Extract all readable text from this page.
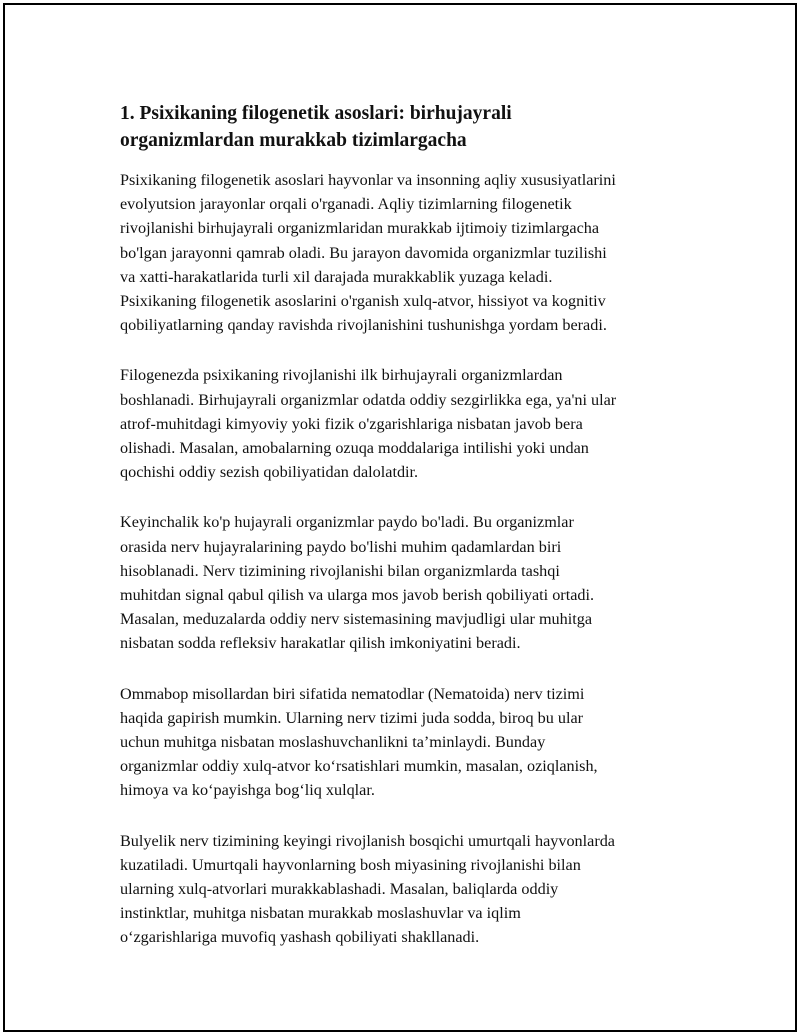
1. Psixikaning filogenetik asoslari: birhujayrali
organizmlardan murakkab tizimlargacha

Psixikaning filogenetik asoslari hayvonlar va insonning aqliy xususiyatlarini
evolyutsion jarayonlar orqali o'rganadi. Aqliy tizimlarning filogenetik
rivojlanishi birhujayrali organizmlaridan murakkab ijtimoiy tizimlargacha
bo'lgan jarayonni qamrab oladi. Bu jarayon davomida organizmlar tuzilishi
va xatti-harakatlarida turli xil darajada murakkablik yuzaga keladi.
Psixikaning filogenetik asoslarini o'rganish xulq-atvor, hissiyot va kognitiv
qobiliyatlarning qanday ravishda rivojlanishini tushunishga yordam beradi.

Filogenezda psixikaning rivojlanishi ilk birhujayrali organizmlardan
boshlanadi. Birhujayrali organizmlar odatda oddiy sezgirlikka ega, ya'ni ular
atrof-muhitdagi kimyoviy yoki fizik o'zgarishlariga nisbatan javob bera
olishadi. Masalan, amobalarning ozuqa moddalariga intilishi yoki undan
qochishi oddiy sezish qobiliyatidan dalolatdir.

Keyinchalik ko'p hujayrali organizmlar paydo bo'ladi. Bu organizmlar
orasida nerv hujayralarining paydo bo'lishi muhim qadamlardan biri
hisoblanadi. Nerv tizimining rivojlanishi bilan organizmlarda tashqi
muhitdan signal qabul qilish va ularga mos javob berish qobiliyati ortadi.
Masalan, meduzalarda oddiy nerv sistemasining mavjudligi ular muhitga
nisbatan sodda refleksiv harakatlar qilish imkoniyatini beradi.

Ommabop misollardan biri sifatida nematodlar (Nematoida) nerv tizimi
haqida gapirish mumkin. Ularning nerv tizimi juda sodda, biroq bu ular
uchun muhitga nisbatan moslashuvchanlikni ta’minlaydi. Bunday
organizmlar oddiy xulq-atvor ko‘rsatishlari mumkin, masalan, oziqlanish,
himoya va ko‘payishga bog‘liq xulqlar.

Bulyelik nerv tizimining keyingi rivojlanish bosqichi umurtqali hayvonlarda
kuzatiladi. Umurtqali hayvonlarning bosh miyasining rivojlanishi bilan
ularning xulq-atvorlari murakkablashadi. Masalan, baliqlarda oddiy
instinktlar, muhitga nisbatan murakkab moslashuvlar va iqlim
o‘zgarishlariga muvofiq yashash qobiliyati shakllanadi.
